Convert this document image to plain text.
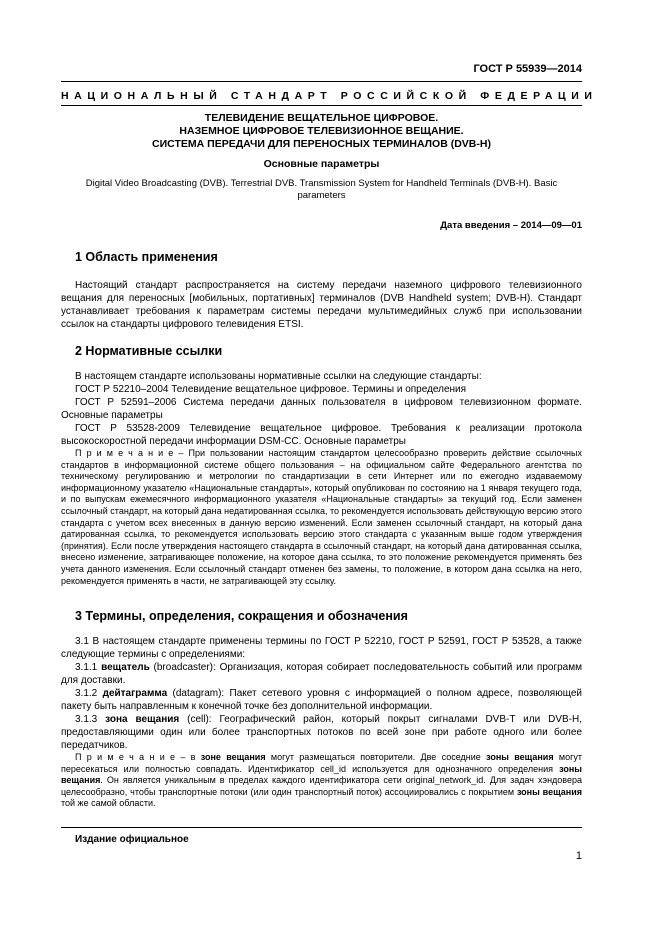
ГОСТ Р 55939—2014
НАЦИОНАЛЬНЫЙ СТАНДАРТ РОССИЙСКОЙ ФЕДЕРАЦИИ
ТЕЛЕВИДЕНИЕ ВЕЩАТЕЛЬНОЕ ЦИФРОВОЕ.
НАЗЕМНОЕ ЦИФРОВОЕ ТЕЛЕВИЗИОННОЕ ВЕЩАНИЕ.
СИСТЕМА ПЕРЕДАЧИ ДЛЯ ПЕРЕНОСНЫХ ТЕРМИНАЛОВ (DVB-H)
Основные параметры
Digital Video Broadcasting (DVB). Terrestrial DVB. Transmission System for Handheld Terminals (DVB-H). Basic parameters
Дата введения – 2014—09—01
1 Область применения
Настоящий стандарт распространяется на систему передачи наземного цифрового телевизионного вещания для переносных [мобильных, портативных] терминалов (DVB Handheld system; DVB-H). Стандарт устанавливает требования к параметрам системы передачи мультимедийных служб при использовании ссылок на стандарты цифрового телевидения ETSI.
2 Нормативные ссылки
В настоящем стандарте использованы нормативные ссылки на следующие стандарты:
ГОСТ Р 52210–2004 Телевидение вещательное цифровое. Термины и определения
ГОСТ Р 52591–2006 Система передачи данных пользователя в цифровом телевизионном формате. Основные параметры
ГОСТ Р 53528-2009 Телевидение вещательное цифровое. Требования к реализации протокола высокоскоростной передачи информации DSM-CC. Основные параметры
П р и м е ч а н и е – При пользовании настоящим стандартом целесообразно проверить действие ссылочных стандартов в информационной системе общего пользования – на официальном сайте Федерального агентства по техническому регулированию и метрологии по стандартизации в сети Интернет или по ежегодно издаваемому информационному указателю «Национальные стандарты», который опубликован по состоянию на 1 января текущего года, и по выпускам ежемесячного информационного указателя «Национальные стандарты» за текущий год. Если заменен ссылочный стандарт, на который дана недатированная ссылка, то рекомендуется использовать действующую версию этого стандарта с учетом всех внесенных в данную версию изменений. Если заменен ссылочный стандарт, на который дана датированная ссылка, то рекомендуется использовать версию этого стандарта с указанным выше годом утверждения (принятия). Если после утверждения настоящего стандарта в ссылочный стандарт, на который дана датированная ссылка, внесено изменение, затрагивающее положение, на которое дана ссылка, то это положение рекомендуется применять без учета данного изменения. Если ссылочный стандарт отменен без замены, то положение, в котором дана ссылка на него, рекомендуется применять в части, не затрагивающей эту ссылку.
3 Термины, определения, сокращения и обозначения
3.1 В настоящем стандарте применены термины по ГОСТ Р 52210, ГОСТ Р 52591, ГОСТ Р 53528, а также следующие термины с определениями:
3.1.1 вещатель (broadcaster): Организация, которая собирает последовательность событий или программ для доставки.
3.1.2 дейтаграмма (datagram): Пакет сетевого уровня с информацией о полном адресе, позволяющей пакету быть направленным к конечной точке без дополнительной информации.
3.1.3 зона вещания (cell): Географический район, который покрыт сигналами DVB-T или DVB-H, предоставляющими один или более транспортных потоков по всей зоне при работе одного или более передатчиков.
П р и м е ч а н и е – в зоне вещания могут размещаться повторители. Две соседние зоны вещания могут пересекаться или полностью совпадать. Идентификатор cell_id используется для однозначного определения зоны вещания. Он является уникальным в пределах каждого идентификатора сети original_network_id. Для задач хэндовера целесообразно, чтобы транспортные потоки (или один транспортный поток) ассоциировались с покрытием зоны вещания той же самой области.
Издание официальное
1
